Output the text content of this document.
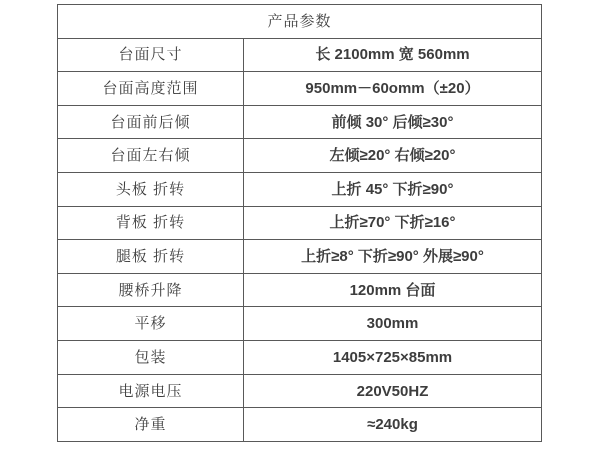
产品参数
台面尺寸	长 2100mm 宽 560mm
台面高度范围	950mm－60omm（±20）
台面前后倾	前倾 30° 后倾≥30°
台面左右倾	左倾≥20° 右倾≥20°
头板 折转	上折 45° 下折≥90°
背板 折转	上折≥70° 下折≥16°
腿板 折转	上折≥8° 下折≥90° 外展≥90°
腰桥升降	120mm 台面
平移	300mm
包装	1405×725×85mm
电源电压	220V50HZ
净重	≈240kg
